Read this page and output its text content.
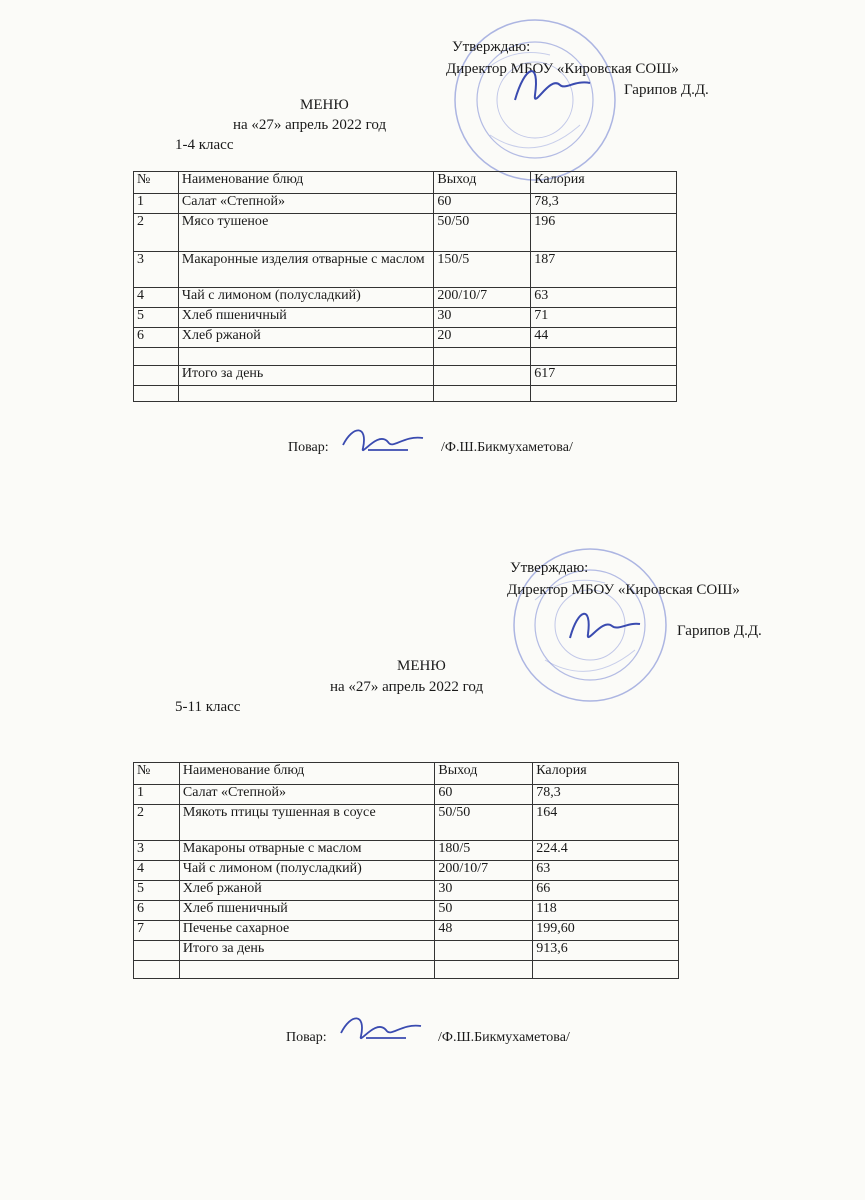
Утверждаю:
Директор МБОУ «Кировская СОШ»
Гарипов Д.Д.
МЕНЮ
на «27» апрель 2022 год
1-4 класс
№	Наименование блюд	Выход	Калория
1	Салат «Степной»	60	78,3
2	Мясо тушеное	50/50	196
3	Макаронные изделия отварные с маслом	150/5	187
4	Чай с лимоном (полусладкий)	200/10/7	63
5	Хлеб пшеничный	30	71
6	Хлеб ржаной	20	44

	Итого за день		617

Повар:	/Ф.Ш.Бикмухаметова/
Утверждаю:
Директор МБОУ «Кировская СОШ»
Гарипов Д.Д.
МЕНЮ
на «27» апрель 2022 год
5-11 класс
№	Наименование блюд	Выход	Калория
1	Салат «Степной»	60	78,3
2	Мякоть птицы тушенная в соусе	50/50	164
3	Макароны отварные с маслом	180/5	224.4
4	Чай с лимоном (полусладкий)	200/10/7	63
5	Хлеб ржаной	30	66
6	Хлеб пшеничный	50	118
7	Печенье сахарное	48	199,60
	Итого за день		913,6

Повар:	/Ф.Ш.Бикмухаметова/
